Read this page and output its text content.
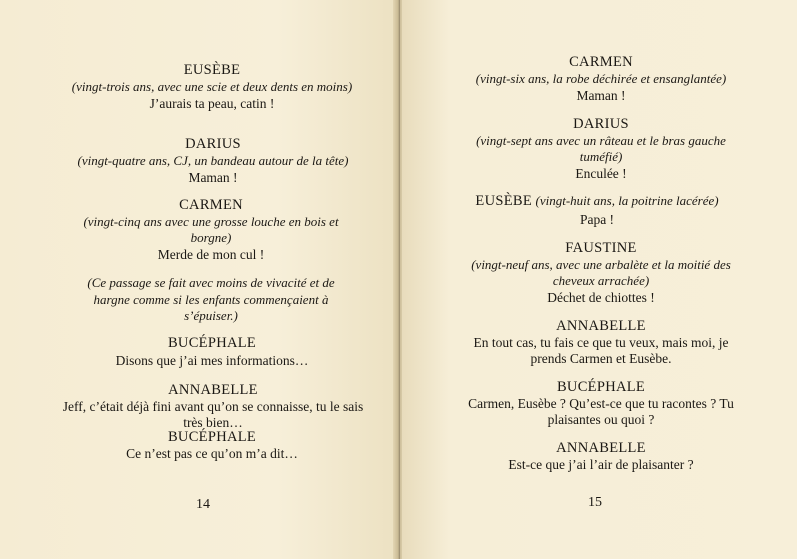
EUSÈBE
(vingt-trois ans, avec une scie et deux dents en moins)
J’aurais ta peau, catin !
DARIUS
(vingt-quatre ans, CJ, un bandeau autour de la tête)
Maman !
CARMEN
(vingt-cinq ans avec une grosse louche en bois et borgne)
Merde de mon cul !
(Ce passage se fait avec moins de vivacité et de hargne comme si les enfants commençaient à s’épuiser.)
BUCÉPHALE
Disons que j’ai mes informations…
ANNABELLE
Jeff, c’était déjà fini avant qu’on se connaisse, tu le sais très bien…
BUCÉPHALE
Ce n’est pas ce qu’on m’a dit…
14
CARMEN
(vingt-six ans, la robe déchirée et ensanglantée)
Maman !
DARIUS
(vingt-sept ans avec un râteau et le bras gauche tuméfié)
Enculée !
EUSÈBE (vingt-huit ans, la poitrine lacérée)
Papa !
FAUSTINE
(vingt-neuf ans, avec une arbalète et la moitié des cheveux arrachée)
Déchet de chiottes !
ANNABELLE
En tout cas, tu fais ce que tu veux, mais moi, je prends Carmen et Eusèbe.
BUCÉPHALE
Carmen, Eusèbe ? Qu’est-ce que tu racontes ? Tu plaisantes ou quoi ?
ANNABELLE
Est-ce que j’ai l’air de plaisanter ?
15
